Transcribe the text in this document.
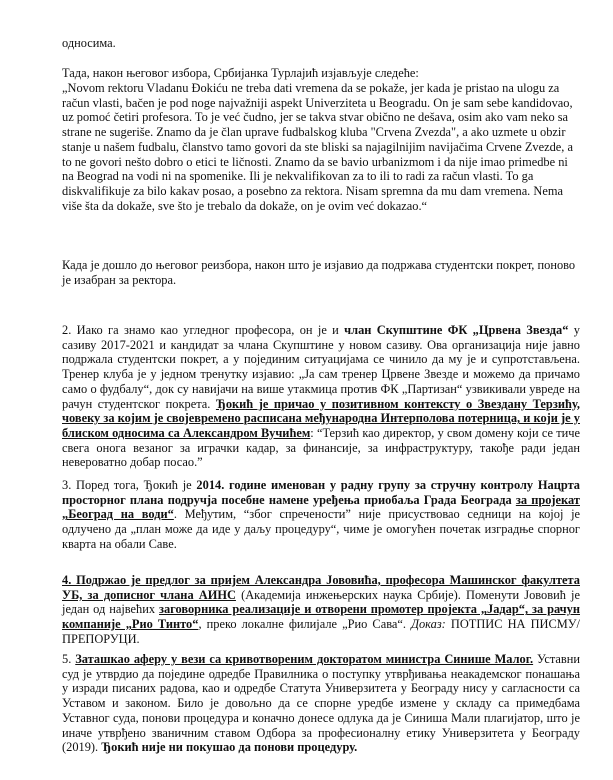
односима.
Тада, након његовог избора, Србијанка Турлајић изјављује следеће:
„Novom rektoru Vladanu Đokiću ne treba dati vremena da se pokaže, jer kada je pristao na ulogu za račun vlasti, bačen je pod noge najvažniji aspekt Univerziteta u Beogradu. On je sam sebe kandidovao, uz pomoć četiri profesora. To je već čudno, jer se takva stvar obično ne dešava, osim ako vam neko sa strane ne sugeriše. Znamo da je član uprave fudbalskog kluba "Crvena Zvezda", a ako uzmete u obzir stanje u našem fudbalu, članstvo tamo govori da ste bliski sa najagilnijim navijačima Crvene Zvezde, a to ne govori nešto dobro o etici te ličnosti. Znamo da se bavio urbanizmom i da nije imao primedbe ni na Beograd na vodi ni na spomenike. Ili je nekvalifikovan za to ili to radi za račun vlasti. To ga diskvalifikuje za bilo kakav posao, a posebno za rektora. Nisam spremna da mu dam vremena. Nema više šta da dokaže, sve što je trebalo da dokaže, on je ovim već dokazao.“
Када је дошло до његовог реизбора, након што је изјавио да подржава студентски покрет, поново је изабран за ректора.
2. Иако га знамо као угледног професора, он је и члан Скупштине ФК „Црвена Звезда“ у сазиву 2017-2021 и кандидат за члана Скупштине у новом сазиву. Ова организација није јавно подржала студентски покрет, а у појединим ситуацијама се чинило да му је и супротстављена. Тренер клуба је у једном тренутку изјавио: „Ја сам тренер Црвене Звезде и можемо да причамо само о фудбалу“, док су навијачи на више утакмица против ФК „Партизан“ узвикивали увреде на рачун студентског покрета. Ђокић је причао у позитивном контексту о Звездану Терзићу, човеку за којим је својевремено расписана међународна Интерполова потерница, и који је у блиском односима са Александром Вучићем: “Терзић као директор, у свом домену који се тиче свега онога везаног за играчки кадар, за финансије, за инфраструктуру, такође ради један невероватно добар посао.”
3. Поред тога, Ђокић је 2014. године именован у радну групу за стручну контролу Нацрта просторног плана подручја посебне намене уређења приобаља Града Београда за пројекат „Београд на води“. Међутим, “због спречености” није присуствовао седници на којој је одлучено да „план може да иде у даљу процедуру“, чиме је омогућен почетак изградње спорног кварта на обали Саве.
4. Подржао је предлог за пријем Александра Јововића, професора Машинског факултета УБ, за дописног члана АИНС (Академија инжењерских наука Србије). Поменути Јововић је један од највећих заговорника реализације и отворени промотер пројекта „Јадар“, за рачун компаније „Рио Тинто“, преко локалне филијале „Рио Сава“. Доказ: ПОТПИС НА ПИСМУ/ПРЕПОРУЦИ.
5. Заташкао аферу у вези са кривотвореним докторатом министра Синише Малог. Уставни суд је утврдио да поједине одредбе Правилника о поступку утврђивања неакадемског понашања у изради писаних радова, као и одредбе Статута Универзитета у Београду нису у сагласности са Уставом и законом. Било је довољно да се спорне уредбе измене у складу са примедбама Уставног суда, понови процедура и коначно донесе одлука да је Синиша Мали плагијатор, што је иначе утврђено званичним ставом Одбора за професионалну етику Универзитета у Београду (2019). Ђокић није ни покушао да понови процедуру.
